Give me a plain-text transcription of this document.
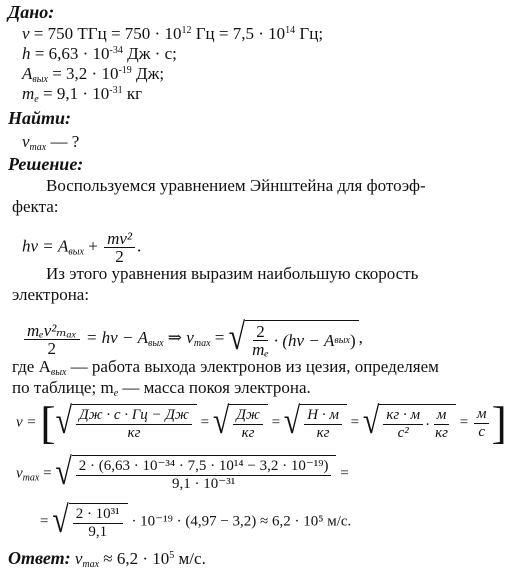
Дано:
ν = 750 ТГц = $750 \cdot 10^{12}$ Гц = $7,5 \cdot 10^{14}$ Гц;
$h = 6,63 \cdot 10^{-34}$ Дж · с;
$A_{вых} = 3,2 \cdot 10^{-19}$ Дж;
$m_e = 9,1 \cdot 10^{-31}$ кг
Найти:
$v_{max}$ — ?
Решение:
Воспользуемся уравнением Эйнштейна для фотоэф-
фекта:
$h\nu = A_{вых} + \frac{\text{mv²}}{2}$ .
Из этого уравнения выразим наибольшую скорость
электрона:
$\frac{\text{mₑv²ₘₐₓ}}{2} = h\nu - A_{вых}$ ⇒ $v_{max}$ = √ $\frac{2}{\text{mₑ}} \cdot (h\nu - A$ вых ) ,
где $A_{вых}$ — работа выхода электронов из цезия, определяем
по таблице; $m_e$ — масса покоя электрона.
v = [ √ $\frac{Дж \cdot с \cdot Гц - Дж}{кг}$ = √ $\frac{Дж}{кг}$ = √ $\frac{Н \cdot м}{кг}$ = √ $\frac{кг \cdot м}{\text{с²}} \cdot \frac{м}{кг} = \frac{м}{с}$ ]
$v_{max}$ = √ $\frac{\text{2 · (6,63 · 10⁻³⁴ · 7,5 · 10¹⁴ − 3,2 · 10⁻¹⁹)}}{\text{9,1 · 10⁻³¹}}$ =
= √ $\frac{\text{2 · 10³¹}}{9,1} \cdot 10^{-19} \cdot (4,97 - 3,2) \approx 6,2 \cdot 10^5$ м/с.
Ответ: $v_{max} \approx 6,2 \cdot 10^5$ м/с.
